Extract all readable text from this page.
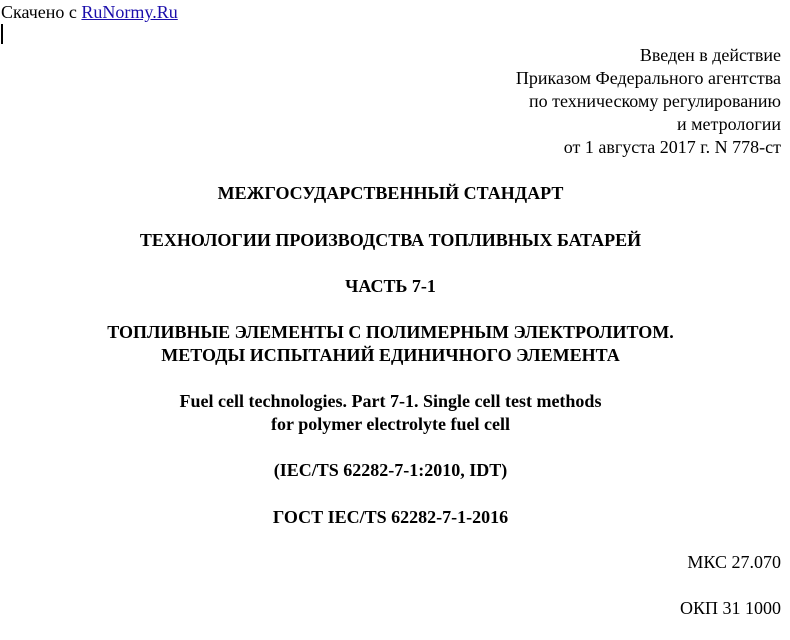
Скачено с RuNormy.Ru
Введен в действие
Приказом Федерального агентства
по техническому регулированию
и метрологии
от 1 августа 2017 г. N 778-ст
МЕЖГОСУДАРСТВЕННЫЙ СТАНДАРТ
ТЕХНОЛОГИИ ПРОИЗВОДСТВА ТОПЛИВНЫХ БАТАРЕЙ
ЧАСТЬ 7-1
ТОПЛИВНЫЕ ЭЛЕМЕНТЫ С ПОЛИМЕРНЫМ ЭЛЕКТРОЛИТОМ.
МЕТОДЫ ИСПЫТАНИЙ ЕДИНИЧНОГО ЭЛЕМЕНТА
Fuel cell technologies. Part 7-1. Single cell test methods
for polymer electrolyte fuel cell
(IEC/TS 62282-7-1:2010, IDT)
ГОСТ IEC/TS 62282-7-1-2016
МКС 27.070
ОКП 31 1000
